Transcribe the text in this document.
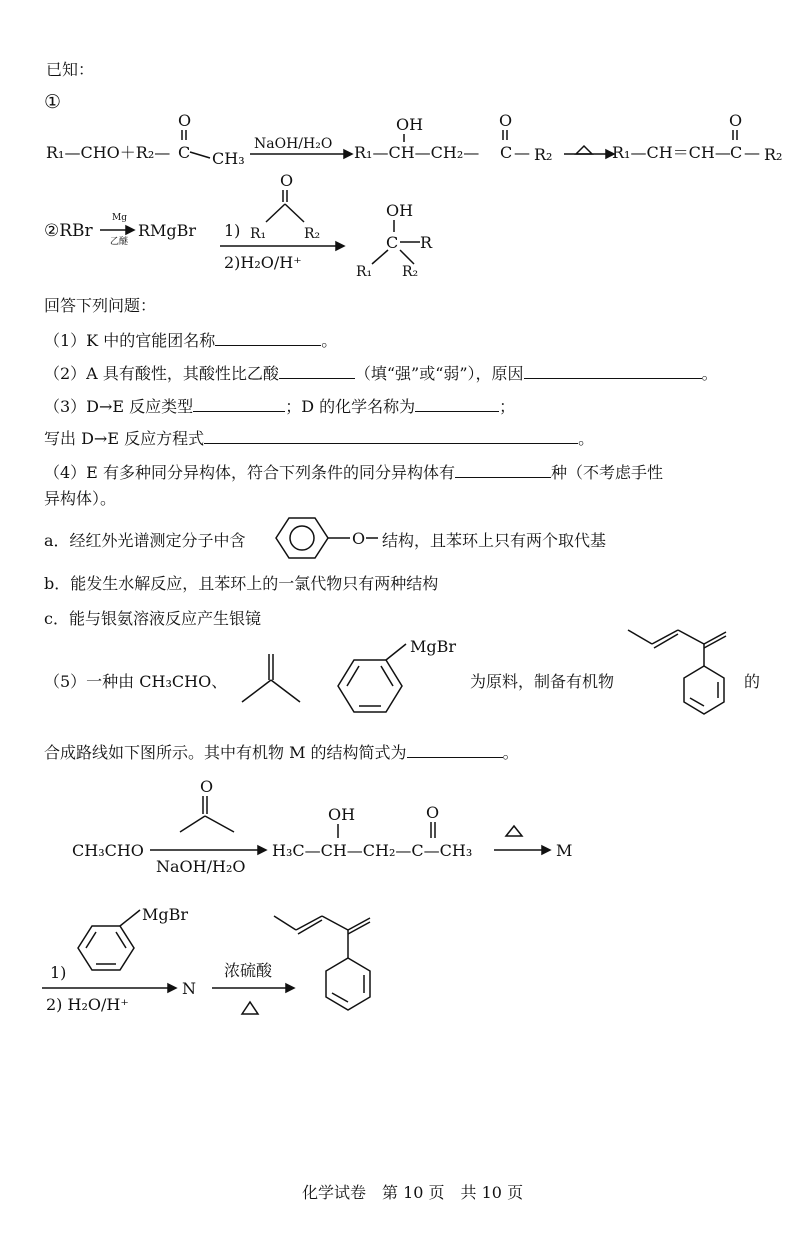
已知：
①
R₁—CHO＋R₂— C CH₃
O
NaOH/H₂O
OH
R₁—CH—CH₂— C
O
— R₂	R₁—CH＝CH— C
O
— R₂
②RBr
Mg
乙醚
RMgBr 1)
O
R₁	R₂
2)H₂O/H⁺
OH
C R
R₁ R₂
回答下列问题：
（1）K 中的官能团名称	。
（2）A 具有酸性，其酸性比乙酸	（填“强”或“弱”），原因	。
（3）D→E 反应类型	；D 的化学名称为	；
写出 D→E 反应方程式	。
（4）E 有多种同分异构体，符合下列条件的同分异构体有	种（不考虑手性
异构体）。
a．经红外光谱测定分子中含	O 结构，且苯环上只有两个取代基
b．能发生水解反应，且苯环上的一氯代物只有两种结构
c．能与银氨溶液反应产生银镜
（5）一种由 CH₃CHO、
MgBr
为原料，制备有机物	的
合成路线如下图所示。其中有机物 M 的结构简式为	。
CH₃CHO
O
NaOH/H₂O
OH
H₃C—CH—CH₂—C—CH₃
O
M
MgBr
1)
2) H₂O/H⁺
N
浓硫酸
化学试卷　第 10 页　共 10 页
